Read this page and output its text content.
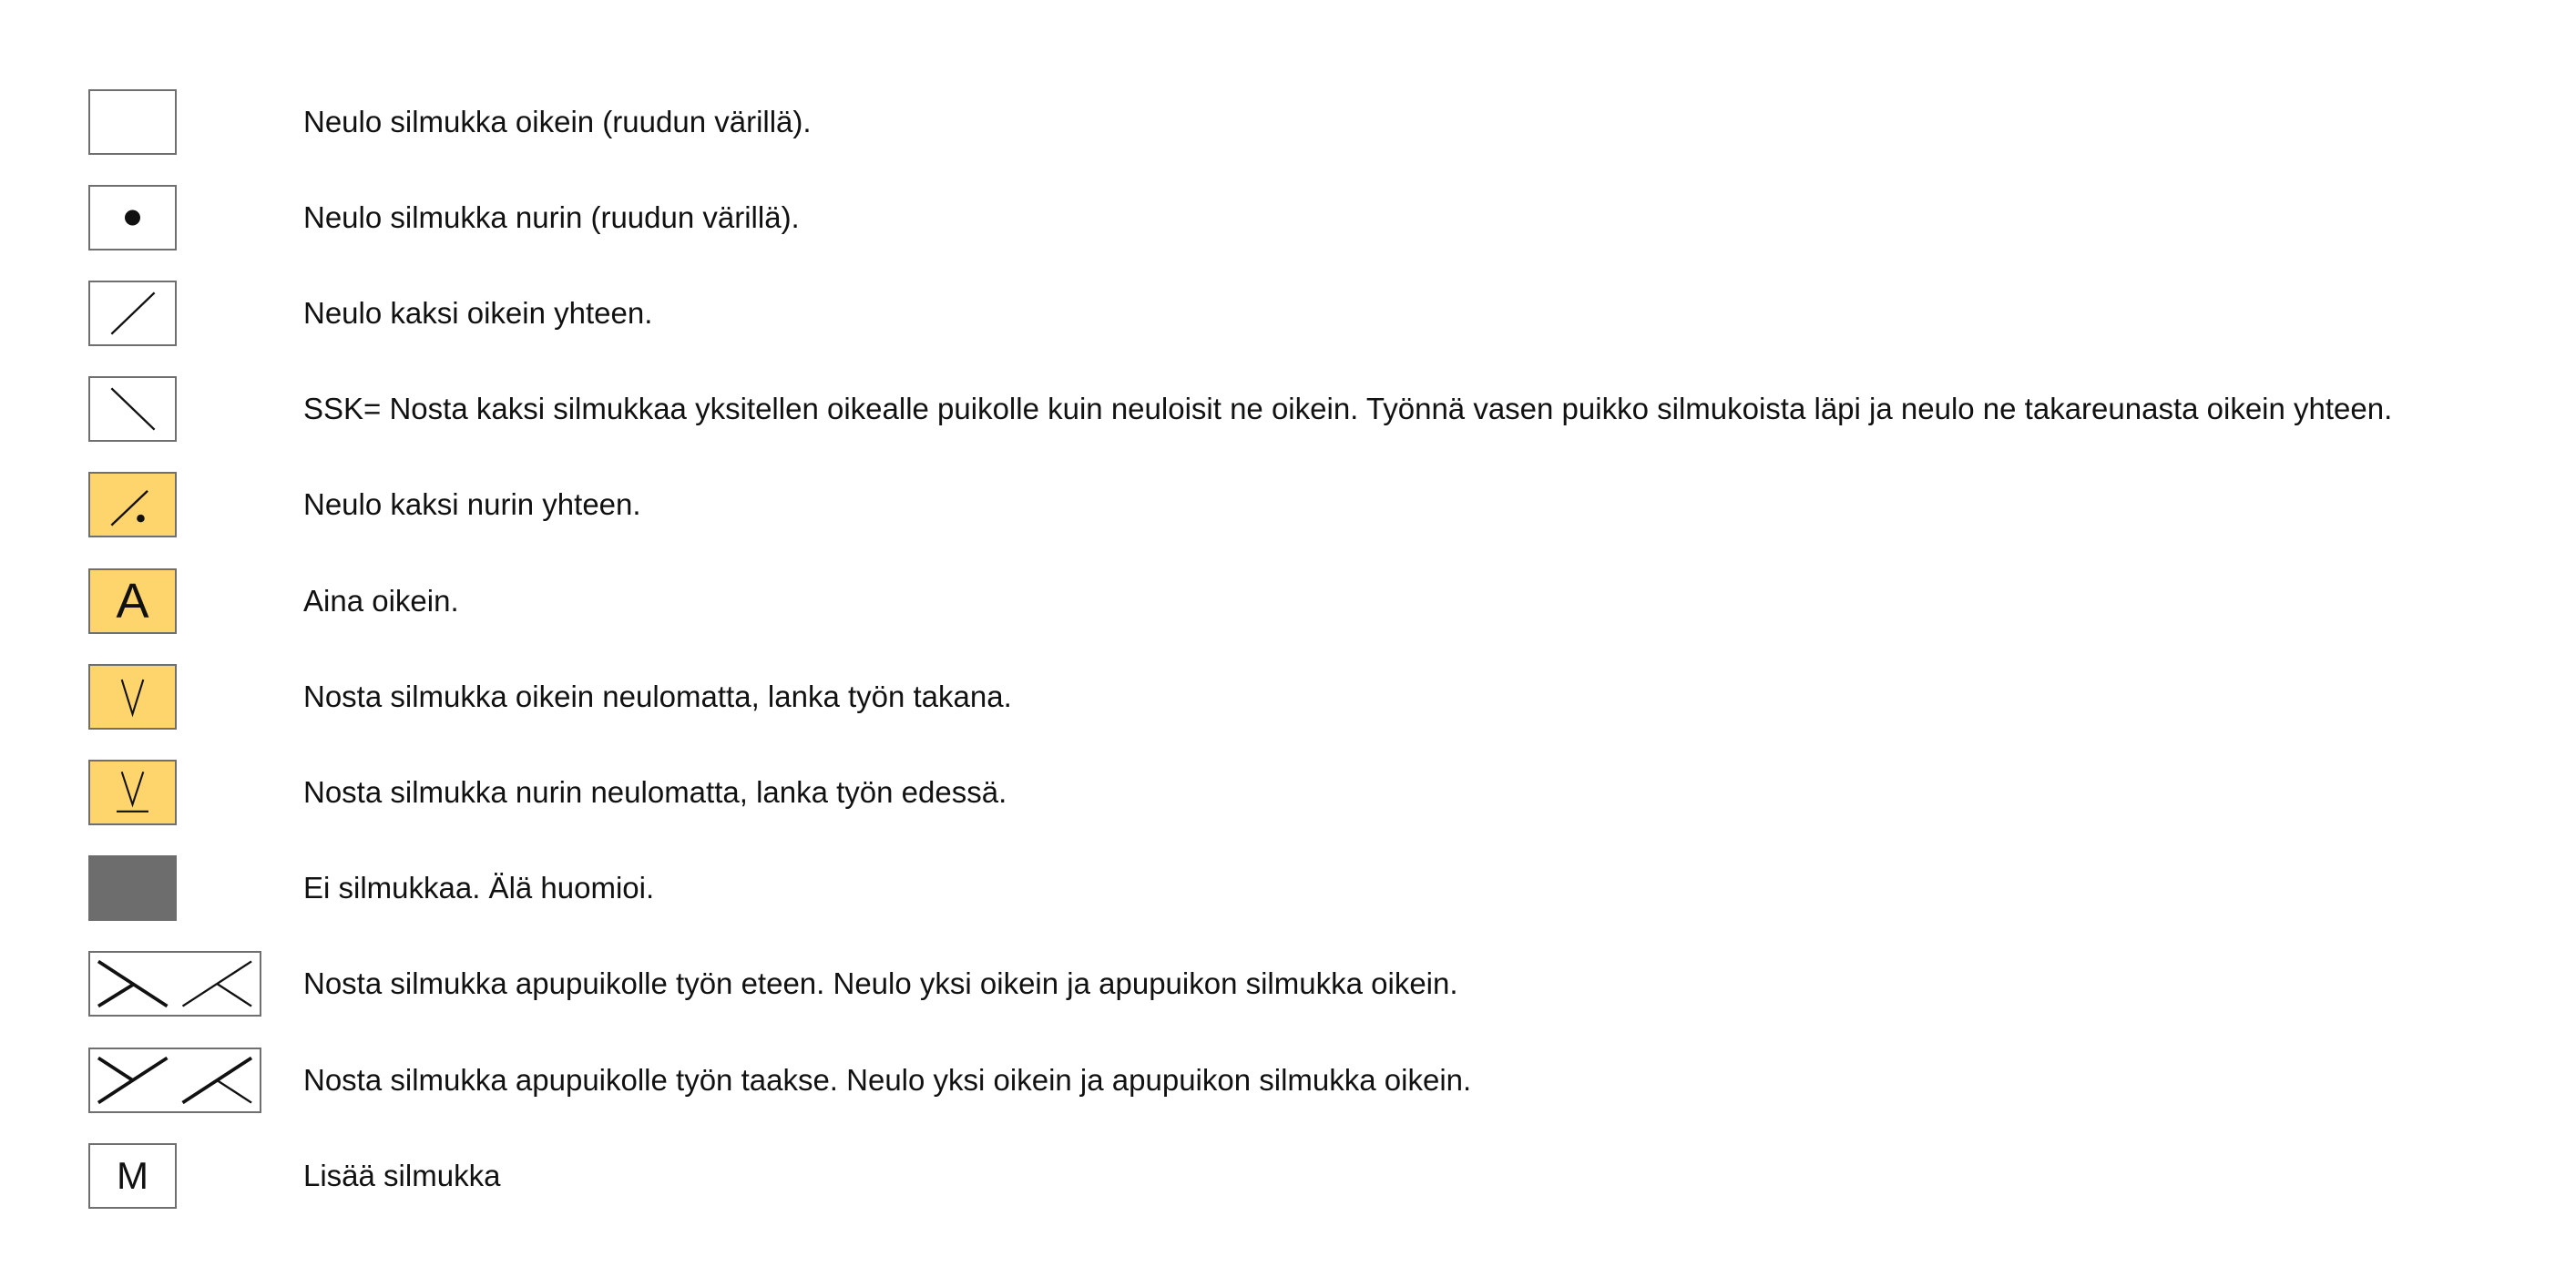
Neulo silmukka oikein (ruudun värillä).
Neulo silmukka nurin (ruudun värillä).
Neulo kaksi oikein yhteen.
SSK= Nosta kaksi silmukkaa yksitellen oikealle puikolle kuin neuloisit ne oikein. Työnnä vasen puikko silmukoista läpi ja neulo ne takareunasta oikein yhteen.
Neulo kaksi nurin yhteen.
A	Aina oikein.
Nosta silmukka oikein neulomatta, lanka työn takana.
Nosta silmukka nurin neulomatta, lanka työn edessä.
Ei silmukkaa. Älä huomioi.
Nosta silmukka apupuikolle työn eteen. Neulo yksi oikein ja apupuikon silmukka oikein.
Nosta silmukka apupuikolle työn taakse. Neulo yksi oikein ja apupuikon silmukka oikein.
M	Lisää silmukka
